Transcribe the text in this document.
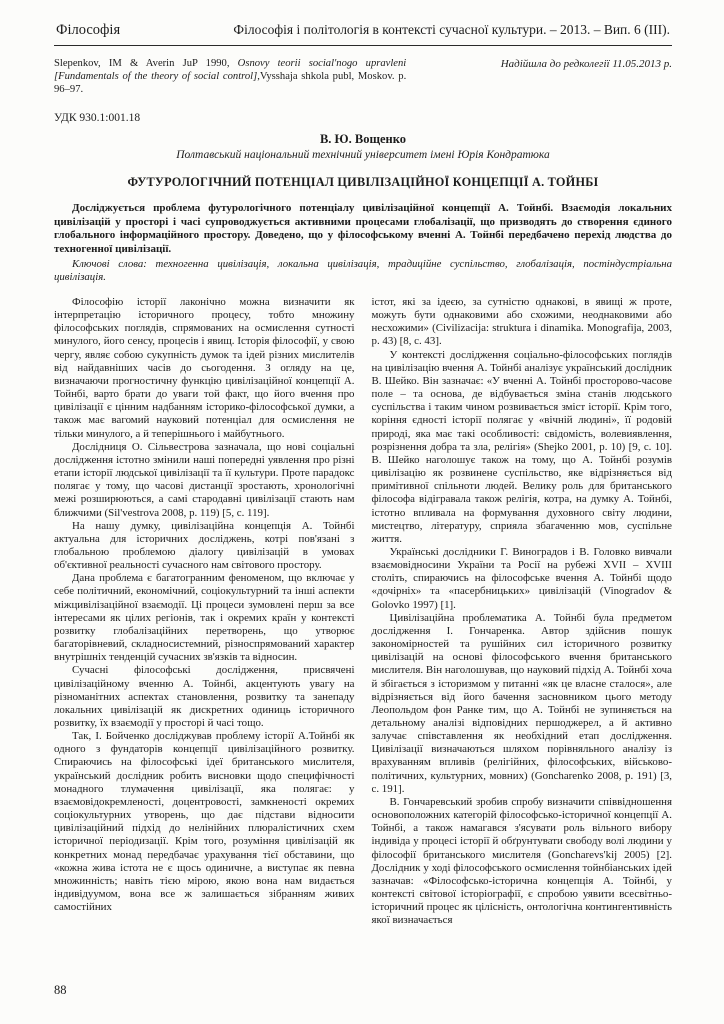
Філософія	Філософія і політологія в контексті сучасної культури. – 2013. – Вип. 6 (ІІІ).
Slepenkov, IM & Averin JuP 1990, Osnovy teorii social'nogo upravleni [Fundamentals of the theory of social control],Vysshaja shkola publ, Moskov. p. 96–97.
Надійшла до редколегії 11.05.2013 р.
УДК 930.1:001.18
В. Ю. Вощенко
Полтавський національний технічний університет імені Юрія Кондратюка
ФУТУРОЛОГІЧНИЙ ПОТЕНЦІАЛ ЦИВІЛІЗАЦІЙНОЇ КОНЦЕПЦІЇ А. ТОЙНБІ
Досліджується проблема футурологічного потенціалу цивілізаційної концепції А. Тойнбі. Взаємодія локальних цивілізацій у просторі і часі супроводжується активними процесами глобалізації, що призводять до створення єдиного глобального інформаційного простору. Доведено, що у філософському вченні А. Тойнбі передбачено перехід людства до техногенної цивілізації.
Ключові слова: техногенна цивілізація, локальна цивілізація, традиційне суспільство, глобалізація, постіндустріальна цивілізація.

Філософію історії лаконічно можна визначити як інтерпретацію історичного процесу, тобто множину філософських поглядів, спрямованих на осмислення сутності минулого, його сенсу, процесів і явищ. Історія філософії, у свою чергу, являє собою сукупність думок та ідей різних мислителів від найдавніших часів до сьогодення. З огляду на це, визначаючи прогностичну функцію цивілізаційної концепції А. Тойнбі, варто брати до уваги той факт, що його вчення про цивілізації є цінним надбанням історико-філософської думки, а також має вагомий науковий потенціал для осмислення не тільки минулого, а й теперішнього і майбутнього.

Дослідниця О. Сільвестрова зазначала, що нові соціальні дослідження істотно змінили наші попередні уявлення про різні етапи історії людської цивілізації та її культури. Проте парадокс полягає у тому, що часові дистанції зростають, хронологічні межі розширюються, а самі стародавні цивілізації стають нам ближчими (Sil'vestrova 2008, p. 119) [5, с. 119].

На нашу думку, цивілізаційна концепція А. Тойнбі актуальна для історичних досліджень, котрі пов'язані з глобальною проблемою діалогу цивілізацій в умовах об'єктивної реальності сучасного нам світового простору.

Дана проблема є багатогранним феноменом, що включає у себе політичний, економічний, соціокультурний та інші аспекти міжцивілізаційної взаємодії. Ці процеси зумовлені перш за все інтересами як цілих регіонів, так і окремих країн у контексті розвитку глобалізаційних перетворень, що утворює багаторівневий, складносистемний, різноспрямований характер внутрішніх тенденцій сучасних зв'язків та відносин.

Сучасні філософські дослідження, присвячені цивілізаційному вченню А. Тойнбі, акцентують увагу на різноманітних аспектах становлення, розвитку та занепаду локальних цивілізацій як дискретних одиниць історичного розвитку, їх взаємодії у просторі й часі тощо.

Так, І. Бойченко досліджував проблему історії А.Тойнбі як одного з фундаторів концепції цивілізаційного розвитку. Спираючись на філософські ідеї британського мислителя, український дослідник робить висновки щодо специфічності монадного тлумачення цивілізації, яка полягає: у взаємовідокремленості, доцентровості, замкненості окремих соціокультурних утворень, що дає підстави відносити цивілізаційний підхід до нелінійних плюралістичних схем історичної періодизації. Крім того, розуміння цивілізацій як конкретних монад передбачає урахування тієї обставини, що «кожна жива істота не є щось одиничне, а виступає як певна множинність; навіть тією мірою, якою вона нам видається індивідуумом, вона все ж залишається зібранням живих самостійних

істот, які за ідеєю, за сутністю однакові, в явищі ж проте, можуть бути однаковими або схожими, неоднаковими або несхожими» (Civilizacija: struktura i dinamika. Monografija, 2003, p. 43) [8, с. 43].

У контексті дослідження соціально-філософських поглядів на цивілізацію вчення А. Тойнбі аналізує український дослідник В. Шейко. Він зазначає: «У вченні А. Тойнбі просторово-часове поле – та основа, де відбувається зміна станів людського суспільства і таким чином розвивається зміст історії. Крім того, коріння єдності історії полягає у «вічній людині», її родовій природі, яка має такі особливості: свідомість, волевиявлення, розрізнення добра та зла, релігія» (Shejko 2001, p. 10) [9, с. 10]. В. Шейко наголошує також на тому, що А. Тойнбі розумів цивілізацію як розвинене суспільство, яке відрізняється від примітивної спільноти людей. Велику роль для британського філософа відігравала також релігія, котра, на думку А. Тойнбі, істотно впливала на формування духовного світу людини, мистецтво, літературу, сприяла збагаченню мов, суспільне життя.

Українські дослідники Г. Виноградов і В. Головко вивчали взаємовідносини України та Росії на рубежі XVII – XVIII століть, спираючись на філософське вчення А. Тойнбі щодо «дочірніх» та «пасербницьких» цивілізацій (Vinogradov & Golovko 1997) [1].

Цивілізаційна проблематика А. Тойнбі була предметом дослідження І. Гончаренка. Автор здійснив пошук закономірностей та рушійних сил історичного розвитку цивілізацій на основі філософського вчення британського мислителя. Він наголошував, що науковий підхід А. Тойнбі хоча й збігається з історизмом у питанні «як це власне сталося», але відрізняється від його бачення засновником цього методу Леопольдом фон Ранке тим, що А. Тойнбі не зупиняється на детальному аналізі відповідних першоджерел, а й активно залучає співставлення як необхідний етап дослідження. Цивілізації визначаються шляхом порівняльного аналізу із врахуванням впливів (релігійних, філософських, військово-політичних, культурних, мовних) (Goncharenko 2008, p. 191) [3, с. 191].

В. Гончаревський зробив спробу визначити співвідношення основоположних категорій філософсько-історичної концепції А. Тойнбі, а також намагався з'ясувати роль вільного вибору індивіда у процесі історії й обґрунтувати свободу волі людини у філософії британського мислителя (Goncharevs'kij 2005) [2]. Дослідник у ході філософського осмислення тойнбіанських ідей зазначав: «Філософсько-історична концепція А. Тойнбі, у контексті світової історіографії, є спробою уявити всесвітньо-історичний процес як цілісність, онтологічна контингентивність якої визначається

88
